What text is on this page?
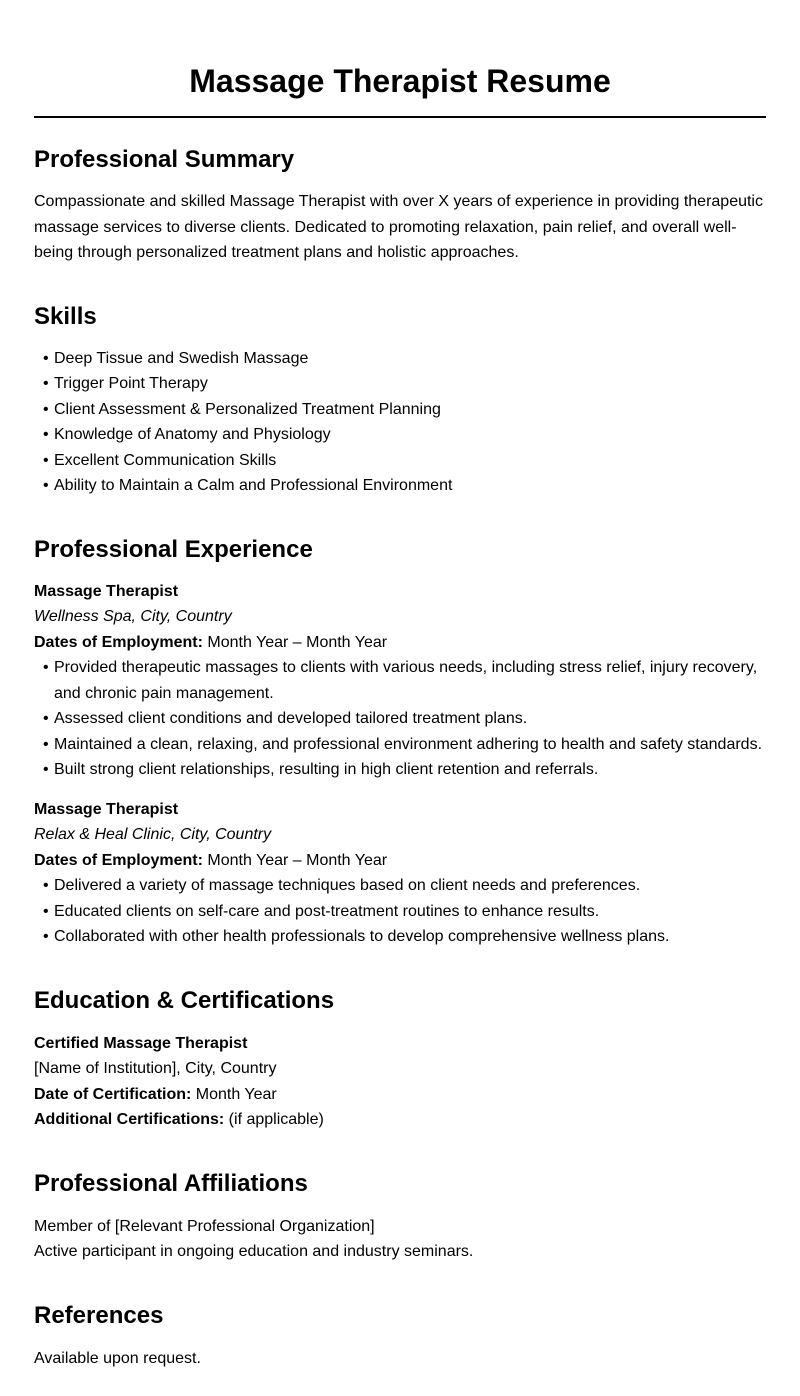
Massage Therapist Resume
Professional Summary

Compassionate and skilled Massage Therapist with over X years of experience in providing therapeutic massage services to diverse clients. Dedicated to promoting relaxation, pain relief, and overall well-being through personalized treatment plans and holistic approaches.

Skills
• Deep Tissue and Swedish Massage
• Trigger Point Therapy
• Client Assessment & Personalized Treatment Planning
• Knowledge of Anatomy and Physiology
• Excellent Communication Skills
• Ability to Maintain a Calm and Professional Environment
Professional Experience
Massage Therapist
Wellness Spa, City, Country
Dates of Employment: Month Year – Month Year
• Provided therapeutic massages to clients with various needs, including stress relief, injury recovery, and chronic pain management.
• Assessed client conditions and developed tailored treatment plans.
• Maintained a clean, relaxing, and professional environment adhering to health and safety standards.
• Built strong client relationships, resulting in high client retention and referrals.
Massage Therapist
Relax & Heal Clinic, City, Country
Dates of Employment: Month Year – Month Year
• Delivered a variety of massage techniques based on client needs and preferences.
• Educated clients on self-care and post-treatment routines to enhance results.
• Collaborated with other health professionals to develop comprehensive wellness plans.
Education & Certifications
Certified Massage Therapist
[Name of Institution], City, Country
Date of Certification: Month Year
Additional Certifications: (if applicable)
Professional Affiliations
Member of [Relevant Professional Organization]
Active participant in ongoing education and industry seminars.
References
Available upon request.
